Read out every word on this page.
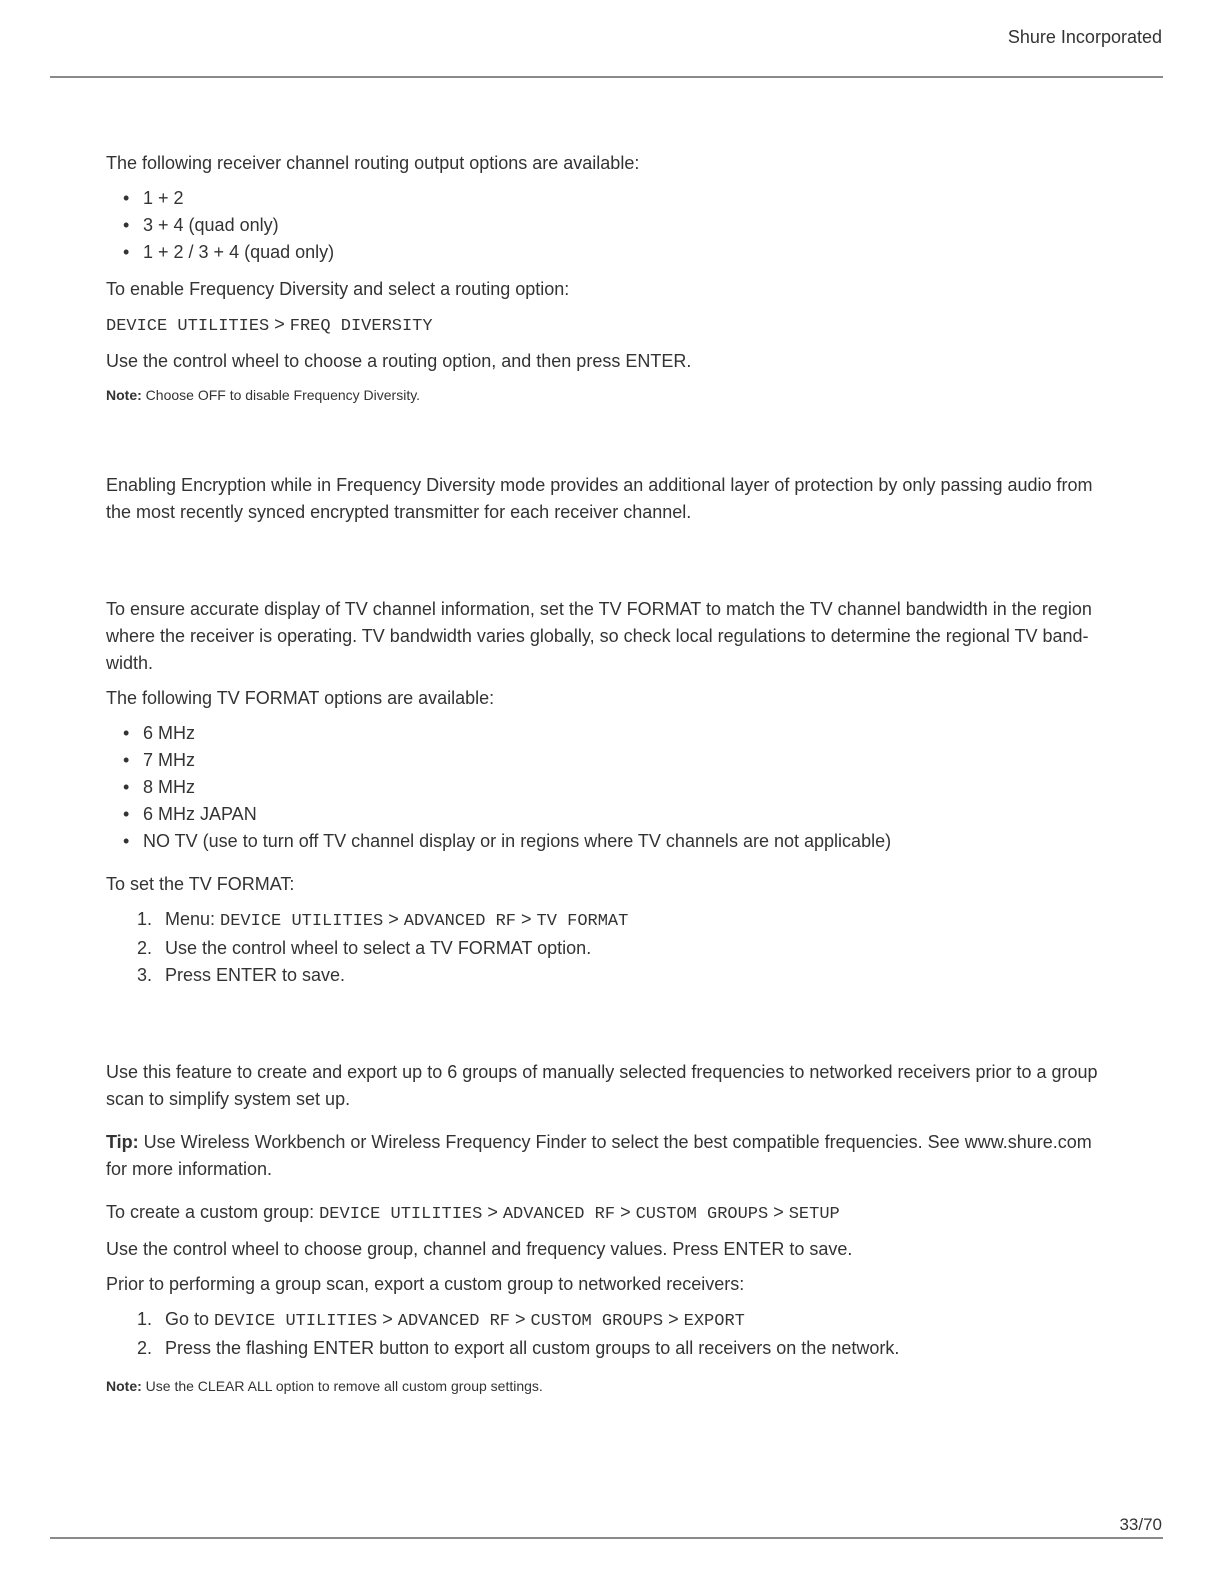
Shure Incorporated

The following receiver channel routing output options are available:

• 1 + 2
• 3 + 4 (quad only)
• 1 + 2 / 3 + 4 (quad only)

To enable Frequency Diversity and select a routing option:

DEVICE UTILITIES > FREQ DIVERSITY

Use the control wheel to choose a routing option, and then press ENTER.

Note: Choose OFF to disable Frequency Diversity.

Enabling Encryption while in Frequency Diversity mode provides an additional layer of protection by only passing audio from the most recently synced encrypted transmitter for each receiver channel.

To ensure accurate display of TV channel information, set the TV FORMAT to match the TV channel bandwidth in the region
where the receiver is operating. TV bandwidth varies globally, so check local regulations to determine the regional TV band-
width.

The following TV FORMAT options are available:

• 6 MHz
• 7 MHz
• 8 MHz
• 6 MHz JAPAN
• NO TV (use to turn off TV channel display or in regions where TV channels are not applicable)

To set the TV FORMAT:

1. Menu: DEVICE UTILITIES > ADVANCED RF > TV FORMAT
2. Use the control wheel to select a TV FORMAT option.
3. Press ENTER to save.

Use this feature to create and export up to 6 groups of manually selected frequencies to networked receivers prior to a group scan to simplify system set up.

Tip: Use Wireless Workbench or Wireless Frequency Finder to select the best compatible frequencies. See www.shure.com for more information.

To create a custom group: DEVICE UTILITIES > ADVANCED RF > CUSTOM GROUPS > SETUP

Use the control wheel to choose group, channel and frequency values. Press ENTER to save.

Prior to performing a group scan, export a custom group to networked receivers:

1. Go to DEVICE UTILITIES > ADVANCED RF > CUSTOM GROUPS > EXPORT
2. Press the flashing ENTER button to export all custom groups to all receivers on the network.

Note: Use the CLEAR ALL option to remove all custom group settings.

33/70
